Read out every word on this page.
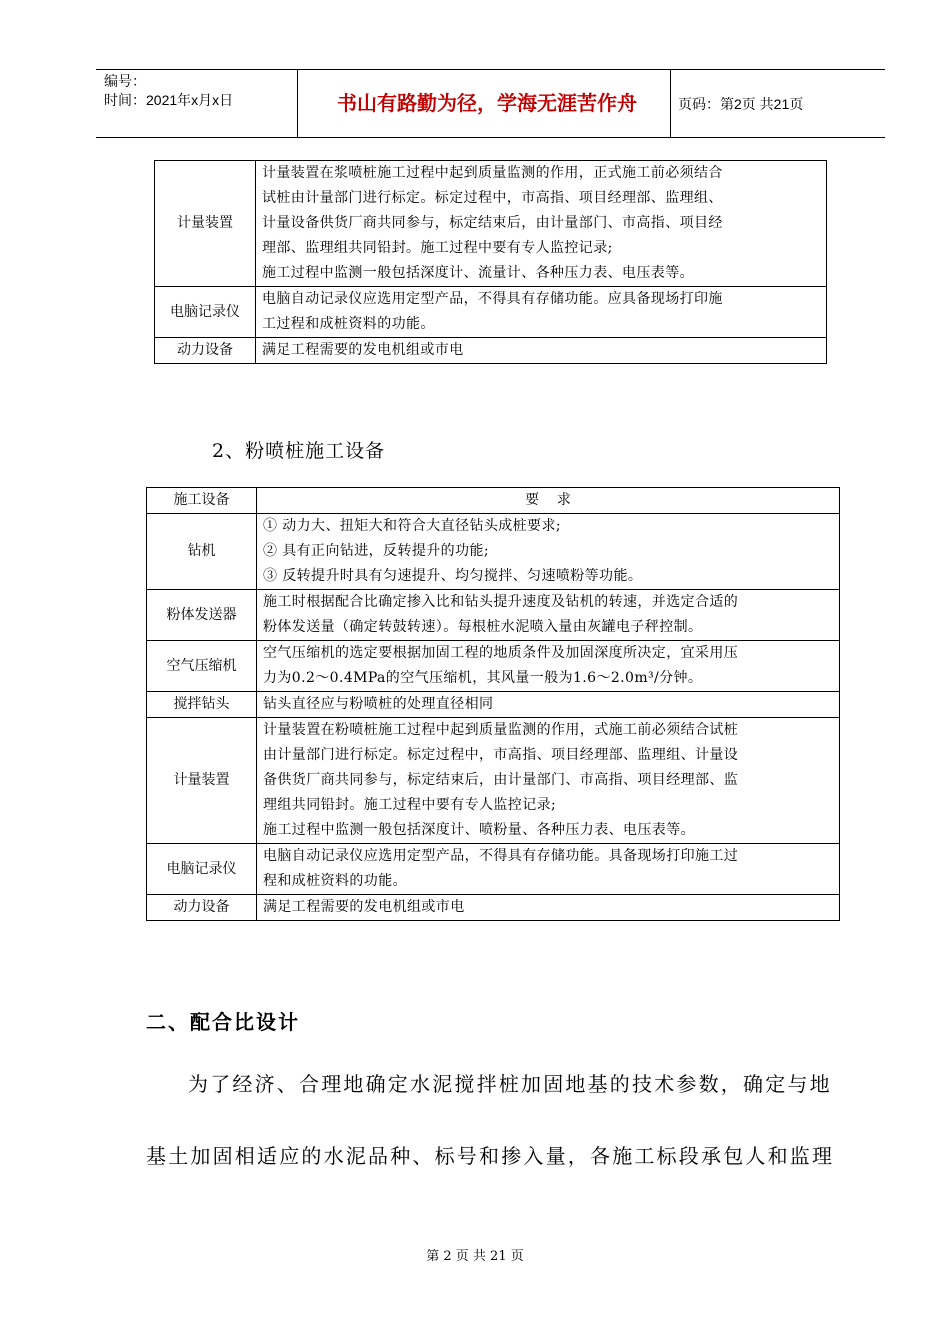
编号：
时间：2021年x月x日	书山有路勤为径，学海无涯苦作舟	页码：第2页 共21页
计量装置	计量装置在浆喷桩施工过程中起到质量监测的作用，正式施工前必须结合
试桩由计量部门进行标定。标定过程中，市高指、项目经理部、监理组、
计量设备供货厂商共同参与，标定结束后，由计量部门、市高指、项目经
理部、监理组共同铅封。施工过程中要有专人监控记录;
施工过程中监测一般包括深度计、流量计、各种压力表、电压表等。

电脑记录仪	电脑自动记录仪应选用定型产品，不得具有存储功能。应具备现场打印施
工过程和成桩资料的功能。

动力设备	满足工程需要的发电机组或市电
2、粉喷桩施工设备
施工设备	要    求
钻机	① 动力大、扭矩大和符合大直径钻头成桩要求;
② 具有正向钻进，反转提升的功能;
③ 反转提升时具有匀速提升、均匀搅拌、匀速喷粉等功能。

粉体发送器	施工时根据配合比确定掺入比和钻头提升速度及钻机的转速，并选定合适的
粉体发送量（确定转鼓转速）。每根桩水泥喷入量由灰罐电子秤控制。

空气压缩机	空气压缩机的选定要根据加固工程的地质条件及加固深度所决定，宜采用压
力为0.2～0.4MPa的空气压缩机，其风量一般为1.6～2.0m³/分钟。

搅拌钻头	钻头直径应与粉喷桩的处理直径相同

计量装置	计量装置在粉喷桩施工过程中起到质量监测的作用，式施工前必须结合试桩
由计量部门进行标定。标定过程中，市高指、项目经理部、监理组、计量设
备供货厂商共同参与，标定结束后，由计量部门、市高指、项目经理部、监
理组共同铅封。施工过程中要有专人监控记录;
施工过程中监测一般包括深度计、喷粉量、各种压力表、电压表等。

电脑记录仪	电脑自动记录仪应选用定型产品，不得具有存储功能。具备现场打印施工过
程和成桩资料的功能。

动力设备	满足工程需要的发电机组或市电
二、配合比设计
为了经济、合理地确定水泥搅拌桩加固地基的技术参数，确定与地
基土加固相适应的水泥品种、标号和掺入量，各施工标段承包人和监理
第 2 页 共 21 页
